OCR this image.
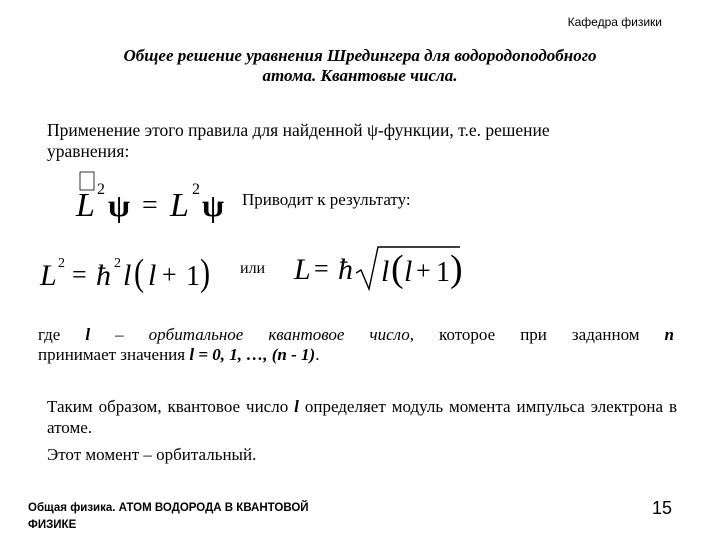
Кафедра физики
Общее решение уравнения Шредингера для водородоподобного
атома. Квантовые числа.
Применение этого правила для найденной ψ-функции, т.е. решение
уравнения:
L 2 ψ = L 2 ψ Приводит к результату:
L 2 = ħ 2 l ( l + 1 ) или L = ħ l ( l + 1 )
где l – орбитальное квантовое число, которое при заданном n
принимает значения l = 0, 1, …, (n - 1).
Таким образом, квантовое число l определяет модуль момента импульса электрона в атоме.
Этот момент – орбитальный.
Общая физика. АТОМ ВОДОРОДА В КВАНТОВОЙ
ФИЗИКЕ
15
